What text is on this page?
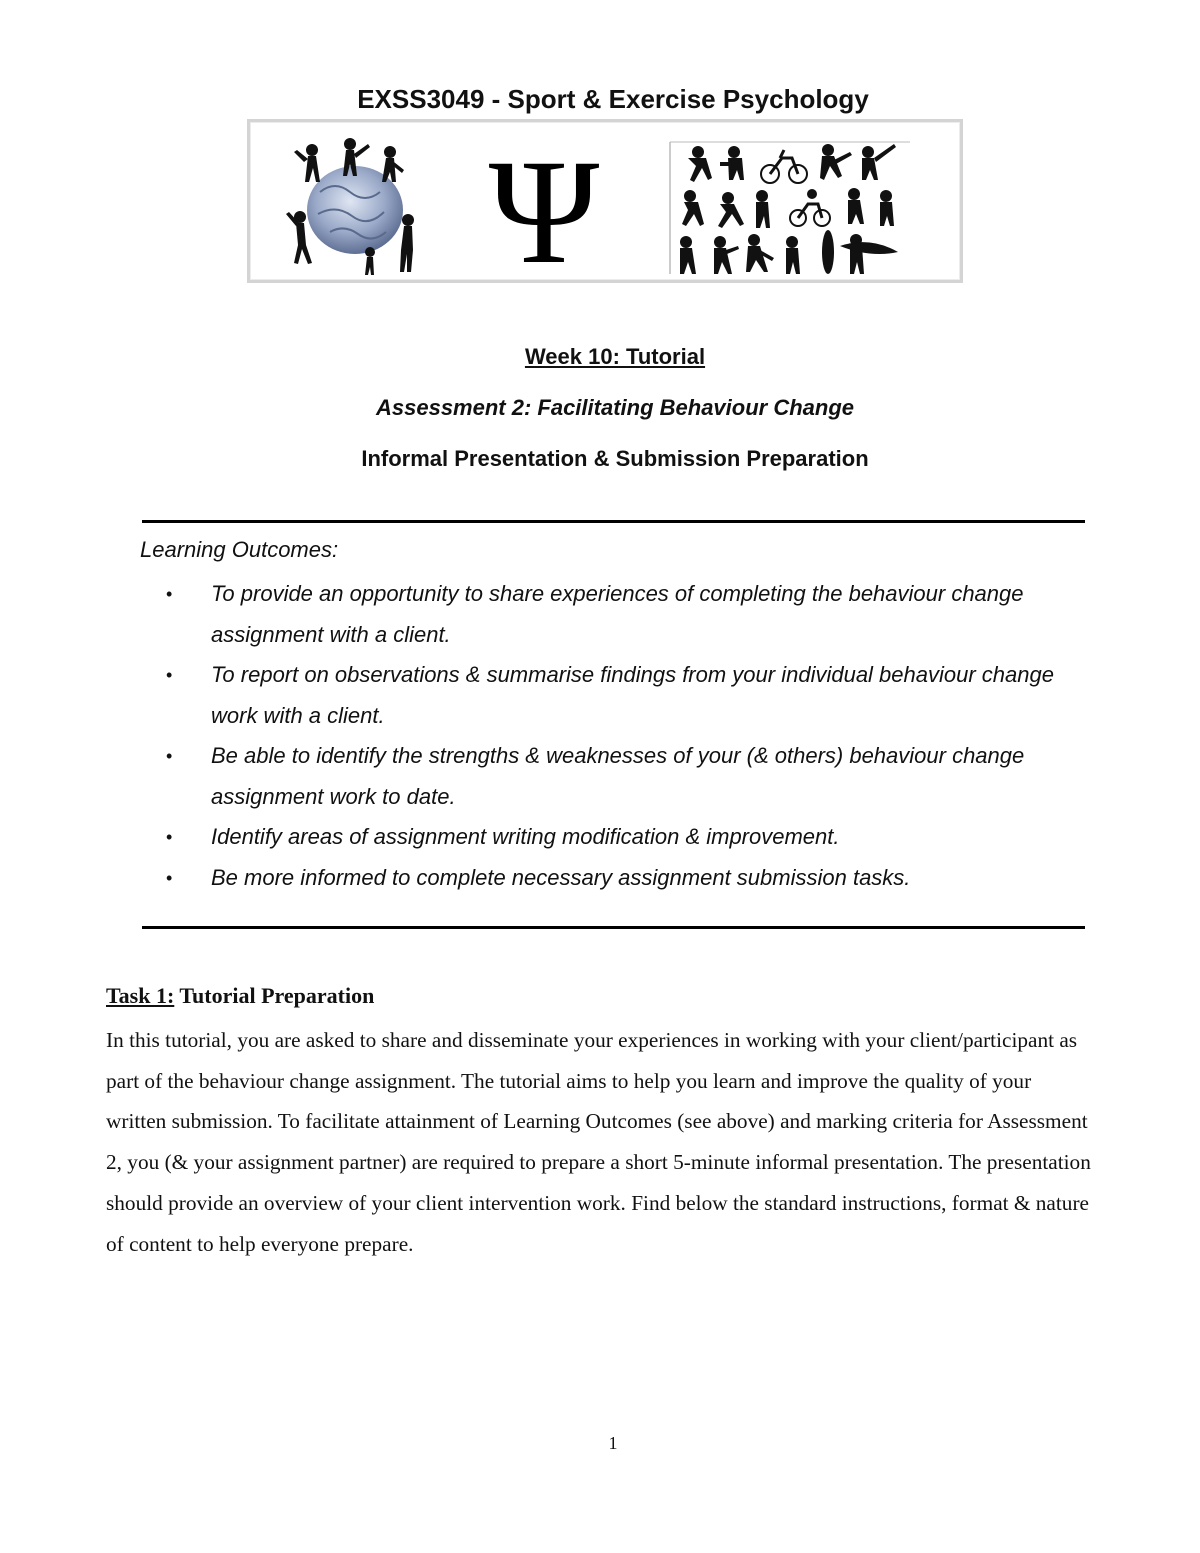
EXSS3049 - Sport & Exercise Psychology
Ψ
Week 10: Tutorial
Assessment 2: Facilitating Behaviour Change
Informal Presentation & Submission Preparation
Learning Outcomes:
• To provide an opportunity to share experiences of completing the behaviour change assignment with a client.
• To report on observations & summarise findings from your individual behaviour change work with a client.
• Be able to identify the strengths & weaknesses of your (& others) behaviour change assignment work to date.
• Identify areas of assignment writing modification & improvement.
• Be more informed to complete necessary assignment submission tasks.
Task 1: Tutorial Preparation

In this tutorial, you are asked to share and disseminate your experiences in working with your client/participant as part of the behaviour change assignment. The tutorial aims to help you learn and improve the quality of your written submission. To facilitate attainment of Learning Outcomes (see above) and marking criteria for Assessment 2, you (& your assignment partner) are required to prepare a short 5-minute informal presentation. The presentation should provide an overview of your client intervention work. Find below the standard instructions, format & nature of content to help everyone prepare.

1
